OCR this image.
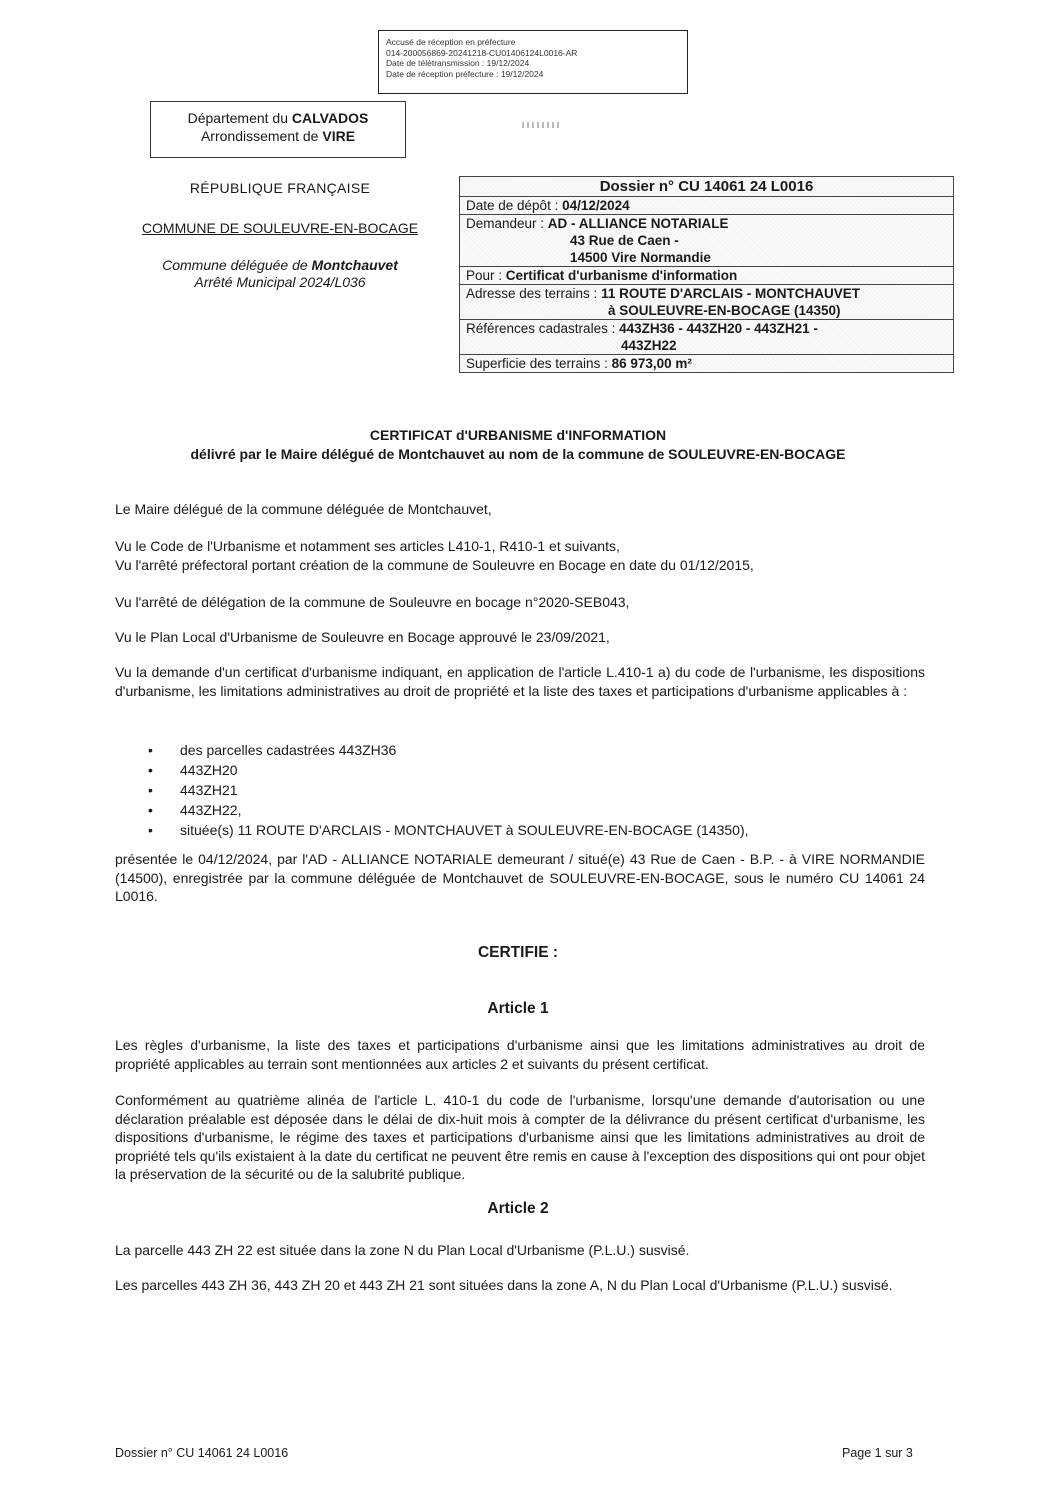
Accusé de réception en préfecture
014-200056869-20241218-CU01406124L0016-AR
Date de télétransmission : 19/12/2024
Date de réception préfecture : 19/12/2024
Département du CALVADOS
Arrondissement de VIRE
RÉPUBLIQUE FRANÇAISE
COMMUNE DE SOULEUVRE-EN-BOCAGE
Commune déléguée de Montchauvet
Arrêté Municipal 2024/L036
Dossier n° CU 14061 24 L0016
Date de dépôt : 04/12/2024
Demandeur : AD - ALLIANCE NOTARIALE
43 Rue de Caen -
14500 Vire Normandie

Pour : Certificat d'urbanisme d'information
Adresse des terrains : 11 ROUTE D'ARCLAIS - MONTCHAUVET
à SOULEUVRE-EN-BOCAGE (14350)

Références cadastrales : 443ZH36 - 443ZH20 - 443ZH21 -
443ZH22

Superficie des terrains : 86 973,00 m²
CERTIFICAT d'URBANISME d'INFORMATION
délivré par le Maire délégué de Montchauvet au nom de la commune de SOULEUVRE-EN-BOCAGE
Le Maire délégué de la commune déléguée de Montchauvet,

Vu le Code de l'Urbanisme et notamment ses articles L410-1, R410-1 et suivants,

Vu l'arrêté préfectoral portant création de la commune de Souleuvre en Bocage en date du 01/12/2015,

Vu l'arrêté de délégation de la commune de Souleuvre en bocage n°2020-SEB043,
Vu le Plan Local d'Urbanisme de Souleuvre en Bocage approuvé le 23/09/2021,
Vu la demande d'un certificat d'urbanisme indiquant, en application de l'article L.410-1 a) du code de l'urbanisme, les dispositions d'urbanisme, les limitations administratives au droit de propriété et la liste des taxes et participations d'urbanisme applicables à :
• des parcelles cadastrées 443ZH36
• 443ZH20
• 443ZH21
• 443ZH22,
• située(s) 11 ROUTE D'ARCLAIS - MONTCHAUVET à SOULEUVRE-EN-BOCAGE (14350),
présentée le 04/12/2024, par l'AD - ALLIANCE NOTARIALE demeurant / situé(e) 43 Rue de Caen - B.P. - à VIRE NORMANDIE (14500), enregistrée par la commune déléguée de Montchauvet de SOULEUVRE-EN-BOCAGE, sous le numéro CU 14061 24 L0016.
CERTIFIE :
Article 1
Les règles d'urbanisme, la liste des taxes et participations d'urbanisme ainsi que les limitations administratives au droit de propriété applicables au terrain sont mentionnées aux articles 2 et suivants du présent certificat.
Conformément au quatrième alinéa de l'article L. 410-1 du code de l'urbanisme, lorsqu'une demande d'autorisation ou une déclaration préalable est déposée dans le délai de dix-huit mois à compter de la délivrance du présent certificat d'urbanisme, les dispositions d'urbanisme, le régime des taxes et participations d'urbanisme ainsi que les limitations administratives au droit de propriété tels qu'ils existaient à la date du certificat ne peuvent être remis en cause à l'exception des dispositions qui ont pour objet la préservation de la sécurité ou de la salubrité publique.
Article 2
La parcelle 443 ZH 22 est située dans la zone N du Plan Local d'Urbanisme (P.L.U.) susvisé.
Les parcelles 443 ZH 36, 443 ZH 20 et 443 ZH 21 sont situées dans la zone A, N du Plan Local d'Urbanisme (P.L.U.) susvisé.
Dossier n° CU 14061 24 L0016	Page 1 sur 3
